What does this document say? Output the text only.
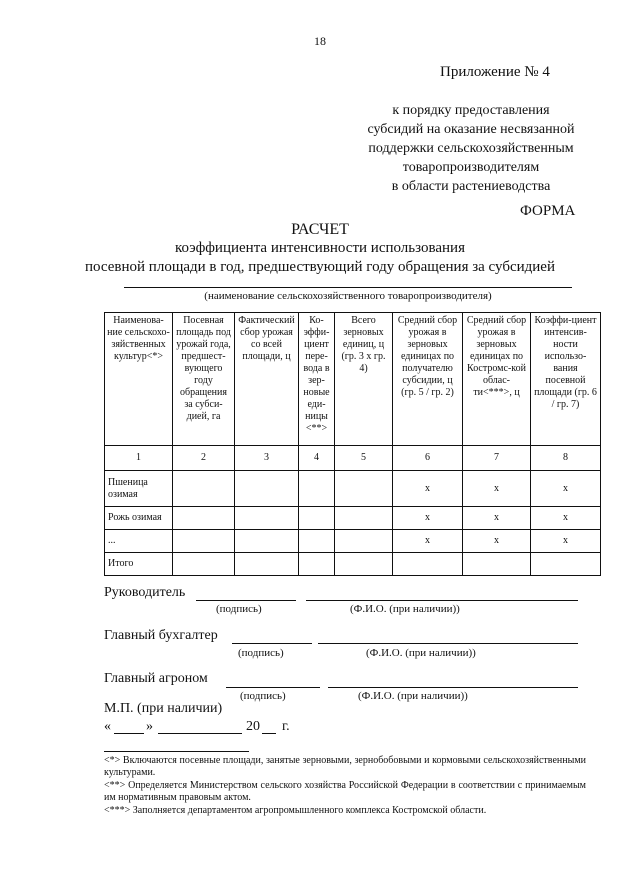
18
Приложение № 4
к порядку предоставления
субсидий на оказание несвязанной
поддержки сельскохозяйственным
товаропроизводителям
в области растениеводства
ФОРМА
РАСЧЕТ
коэффициента интенсивности использования
посевной площади в год, предшествующий году обращения за субсидией
(наименование сельскохозяйственного товаропроизводителя)
Наименова-ние сельскохо-зяйственных культур<*>	Посевная площадь под урожай года, предшест-вующего году обращения за субси-дией, га	Фактический сбор урожая со всей площади, ц	Ко-эффи-циент пере-вода в зер-новые еди-ницы <**>	Всего зерновых единиц, ц (гр. 3 х гр. 4)	Средний сбор урожая в зерновых единицах по получателю субсидии, ц (гр. 5 / гр. 2)	Средний сбор урожая в зерновых единицах по Костромс-кой облас-ти<***>, ц	Коэффи-циент интенсив-ности использо-вания посевной площади (гр. 6 / гр. 7)
1	2	3	4	5	6	7	8
Пшеница озимая					х	х	х
Рожь озимая					х	х	х
...					х	х	х
Итого							
Руководитель
(подпись)	(Ф.И.О. (при наличии))
Главный бухгалтер
(подпись)	(Ф.И.О. (при наличии))
Главный агроном
(подпись)	(Ф.И.О. (при наличии))
М.П. (при наличии)
«	»	20 г.
<*> Включаются посевные площади, занятые зерновыми, зернобобовыми и кормовыми сельскохозяйственными культурами.
<**> Определяется Министерством сельского хозяйства Российской Федерации в соответствии с принимаемым им нормативным правовым актом.
<***> Заполняется департаментом агропромышленного комплекса Костромской области.
